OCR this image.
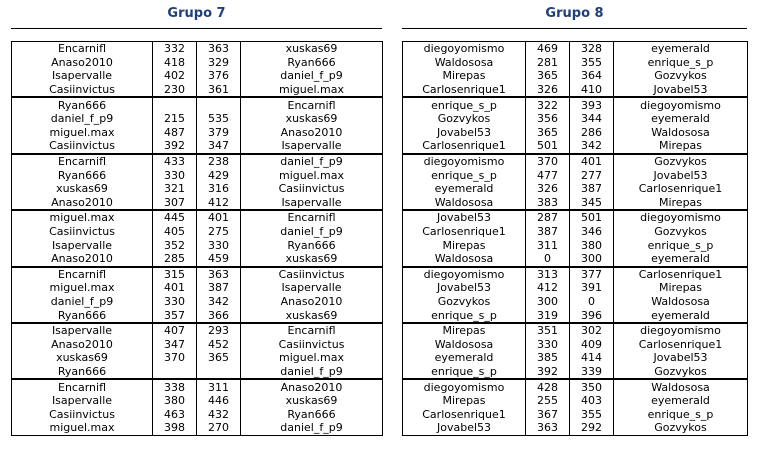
Grupo 7
Encarnifl	332	363	xuskas69
Anaso2010	418	329	Ryan666
Isapervalle	402	376	daniel_f_p9
Casiinvictus	230	361	miguel.max
Ryan666			Encarnifl
daniel_f_p9	215	535	xuskas69
miguel.max	487	379	Anaso2010
Casiinvictus	392	347	Isapervalle
Encarnifl	433	238	daniel_f_p9
Ryan666	330	429	miguel.max
xuskas69	321	316	Casiinvictus
Anaso2010	307	412	Isapervalle
miguel.max	445	401	Encarnifl
Casiinvictus	405	275	daniel_f_p9
Isapervalle	352	330	Ryan666
Anaso2010	285	459	xuskas69
Encarnifl	315	363	Casiinvictus
miguel.max	401	387	Isapervalle
daniel_f_p9	330	342	Anaso2010
Ryan666	357	366	xuskas69
Isapervalle	407	293	Encarnifl
Anaso2010	347	452	Casiinvictus
xuskas69	370	365	miguel.max
Ryan666			daniel_f_p9
Encarnifl	338	311	Anaso2010
Isapervalle	380	446	xuskas69
Casiinvictus	463	432	Ryan666
miguel.max	398	270	daniel_f_p9
Grupo 8
diegoyomismo	469	328	eyemerald
Waldososa	281	355	enrique_s_p
Mirepas	365	364	Gozvykos
Carlosenrique1	326	410	Jovabel53
enrique_s_p	322	393	diegoyomismo
Gozvykos	356	344	eyemerald
Jovabel53	365	286	Waldososa
Carlosenrique1	501	342	Mirepas
diegoyomismo	370	401	Gozvykos
enrique_s_p	477	277	Jovabel53
eyemerald	326	387	Carlosenrique1
Waldososa	383	345	Mirepas
Jovabel53	287	501	diegoyomismo
Carlosenrique1	387	346	Gozvykos
Mirepas	311	380	enrique_s_p
Waldososa	0	300	eyemerald
diegoyomismo	313	377	Carlosenrique1
Jovabel53	412	391	Mirepas
Gozvykos	300	0	Waldososa
enrique_s_p	319	396	eyemerald
Mirepas	351	302	diegoyomismo
Waldososa	330	409	Carlosenrique1
eyemerald	385	414	Jovabel53
enrique_s_p	392	339	Gozvykos
diegoyomismo	428	350	Waldososa
Mirepas	255	403	eyemerald
Carlosenrique1	367	355	enrique_s_p
Jovabel53	363	292	Gozvykos
